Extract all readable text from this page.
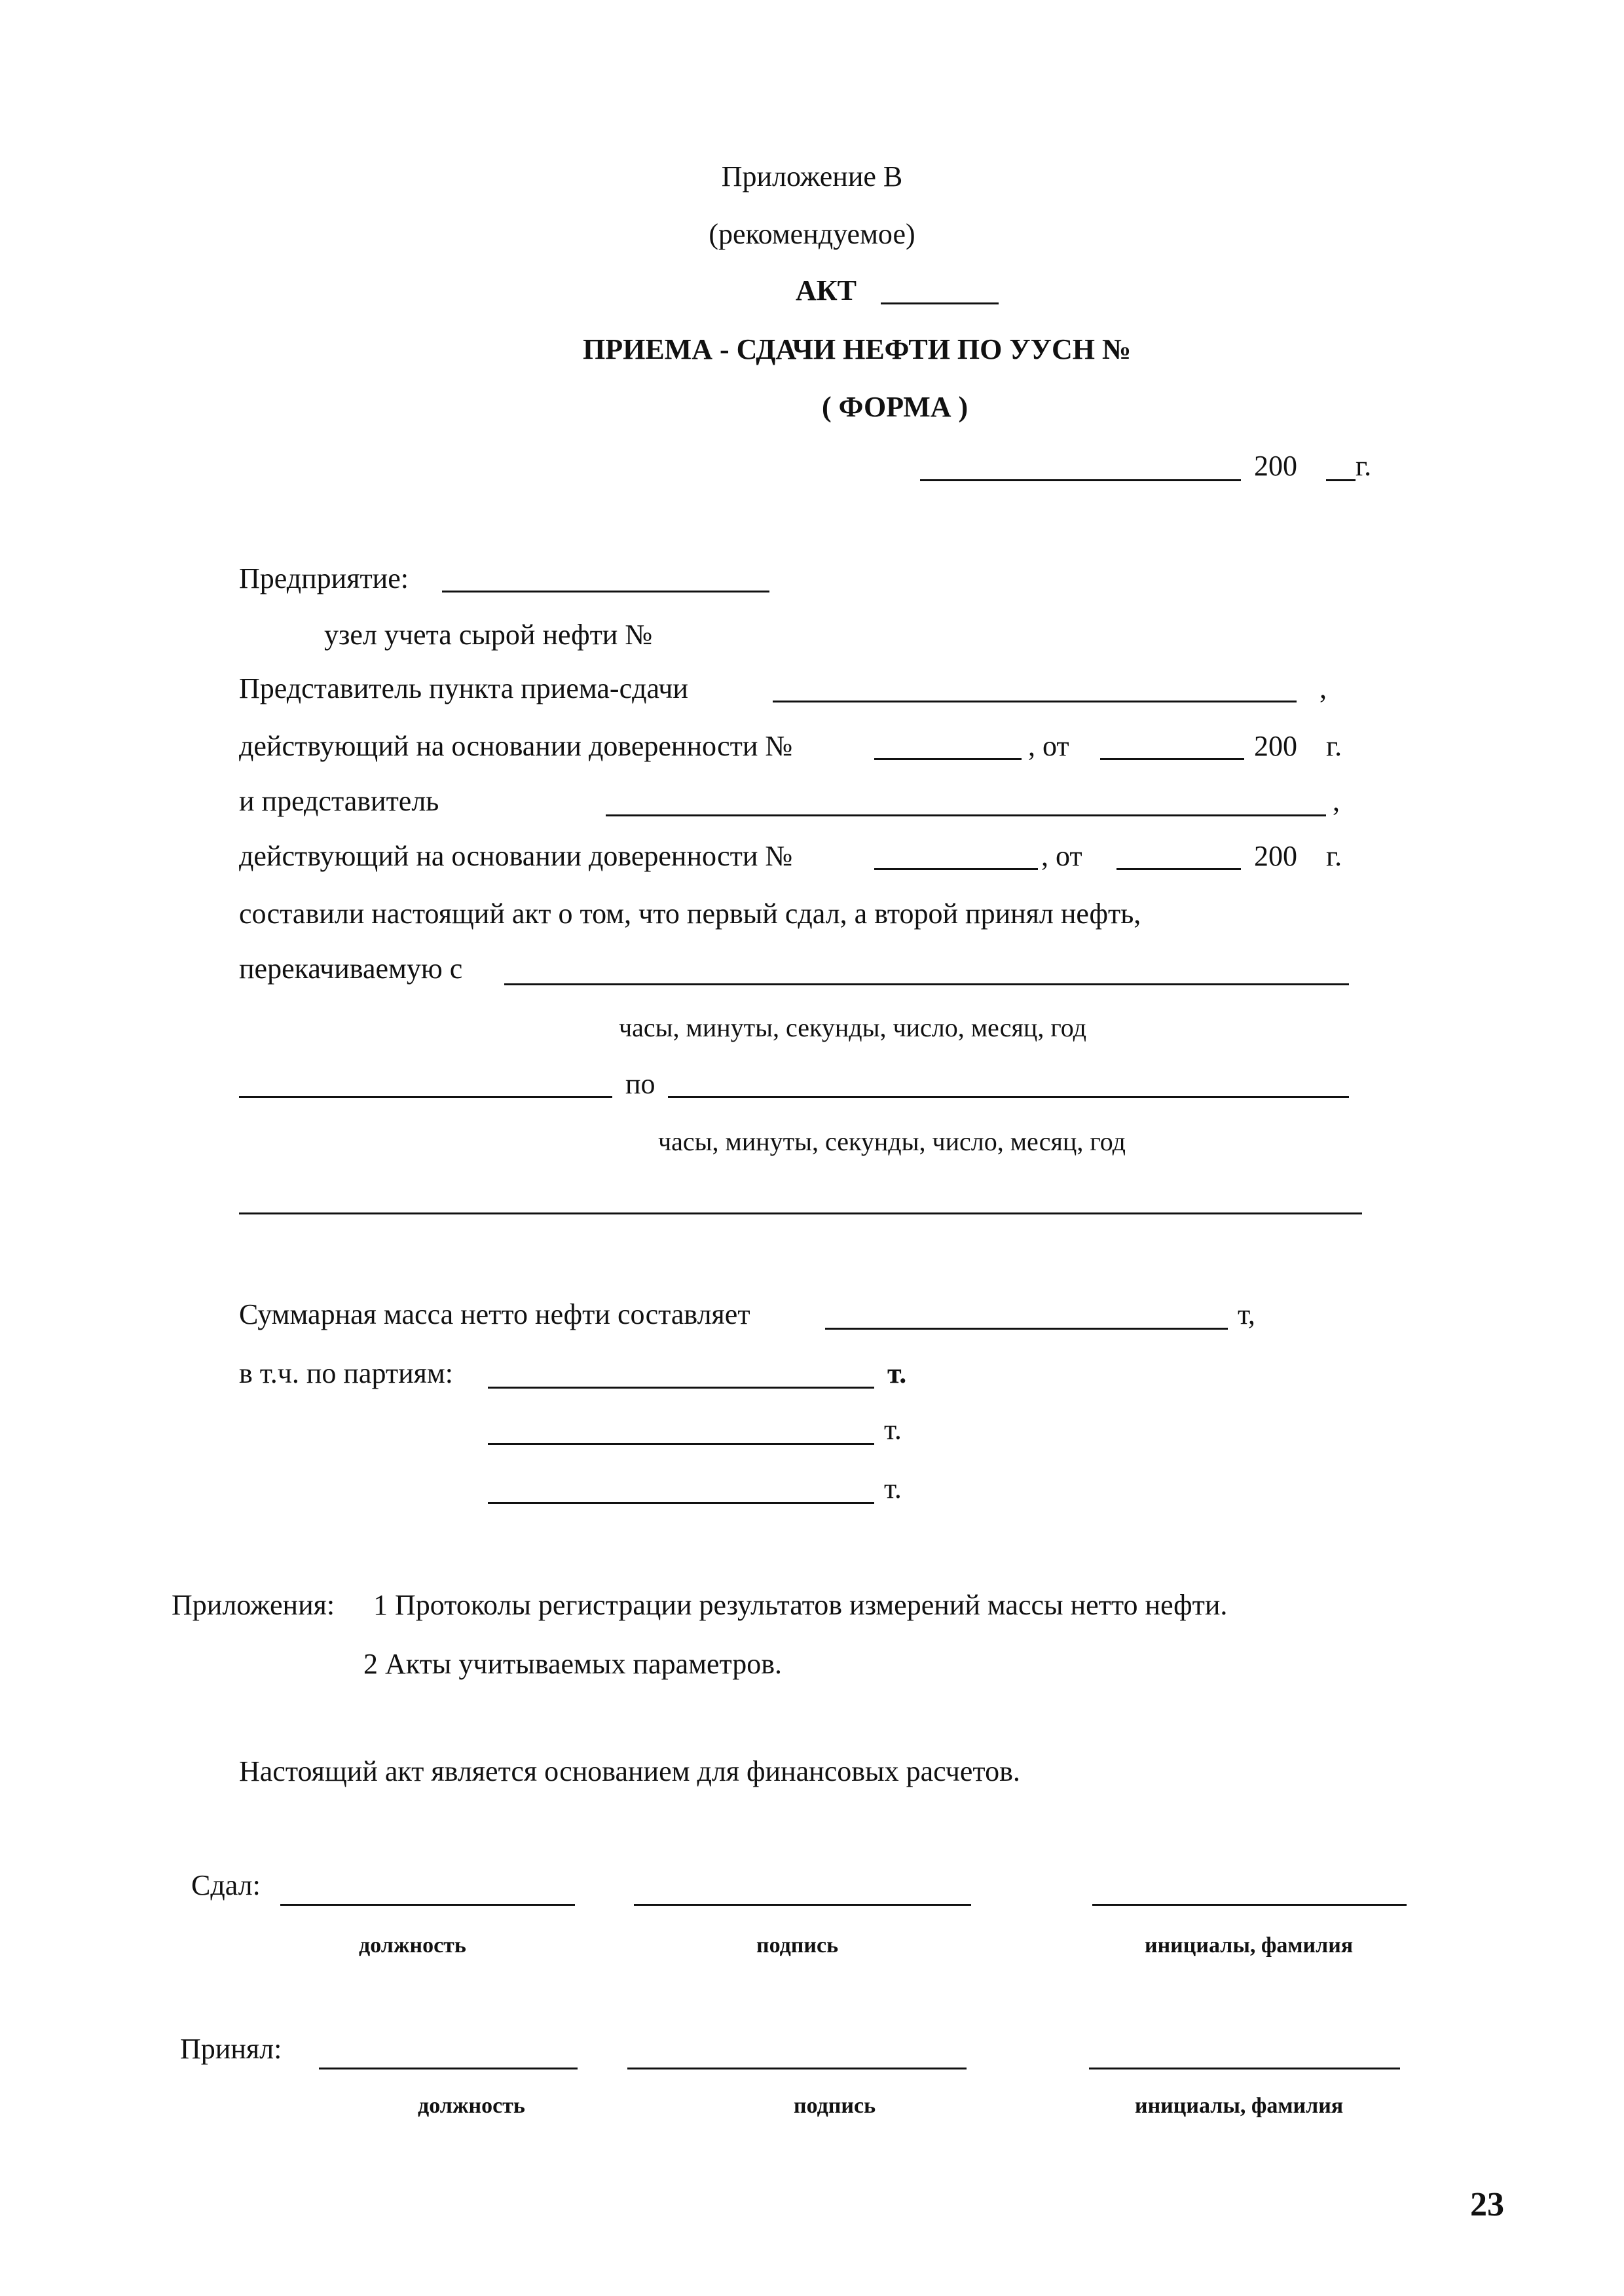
Приложение В
(рекомендуемое)
АКТ
ПРИЕМА - СДАЧИ НЕФТИ ПО УУСН №
( ФОРМА )
200 г.
Предприятие:
узел учета сырой нефти №
Представитель пункта приема-сдачи	,
действующий на основании доверенности №	, от	200 г.
и представитель	,
действующий на основании доверенности №	, от	200 г.
составили настоящий акт о том, что первый сдал, а второй принял нефть,
перекачиваемую с
часы, минуты, секунды, число, месяц, год
по
часы, минуты, секунды, число, месяц, год
Суммарная масса нетто нефти составляет	т,
в т.ч. по партиям:	т.
т.
т.
Приложения: 1 Протоколы регистрации результатов измерений массы нетто нефти.
2 Акты учитываемых параметров.
Настоящий акт является основанием для финансовых расчетов.
Сдал:
должность	подпись	инициалы, фамилия
Принял:
должность	подпись	инициалы, фамилия
23
